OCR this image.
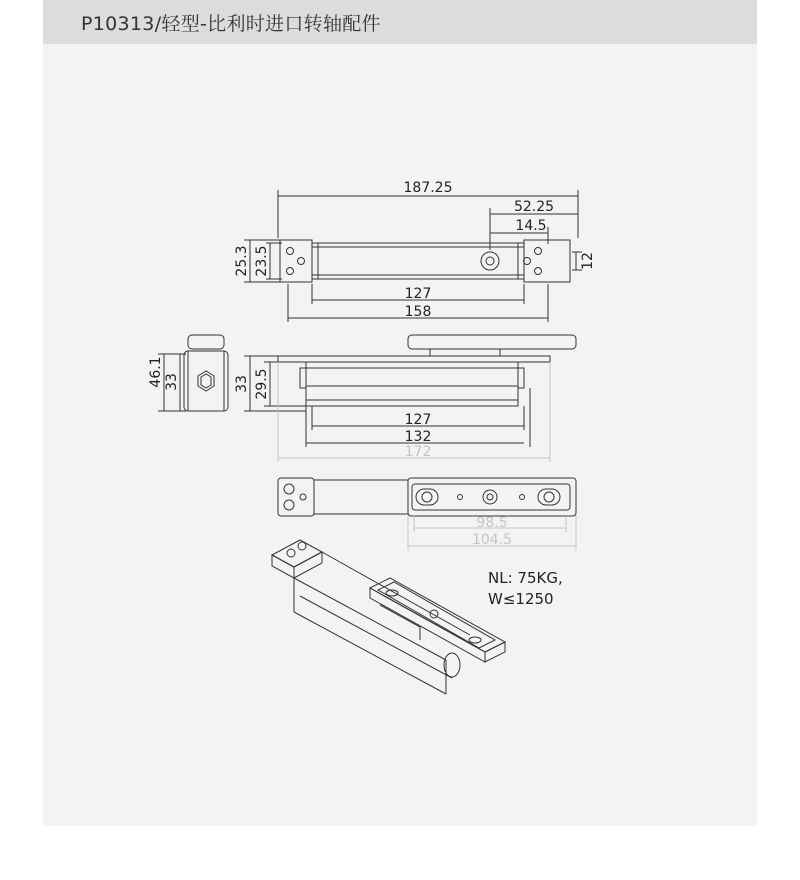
P10313/轻型-比利时进口转轴配件
187.25
52.25
14.5
25.3 23.5	12
127
158
46.1 33	33 29.5
127
132
172
98.5
104.5
NL: 75KG,
W≤1250
